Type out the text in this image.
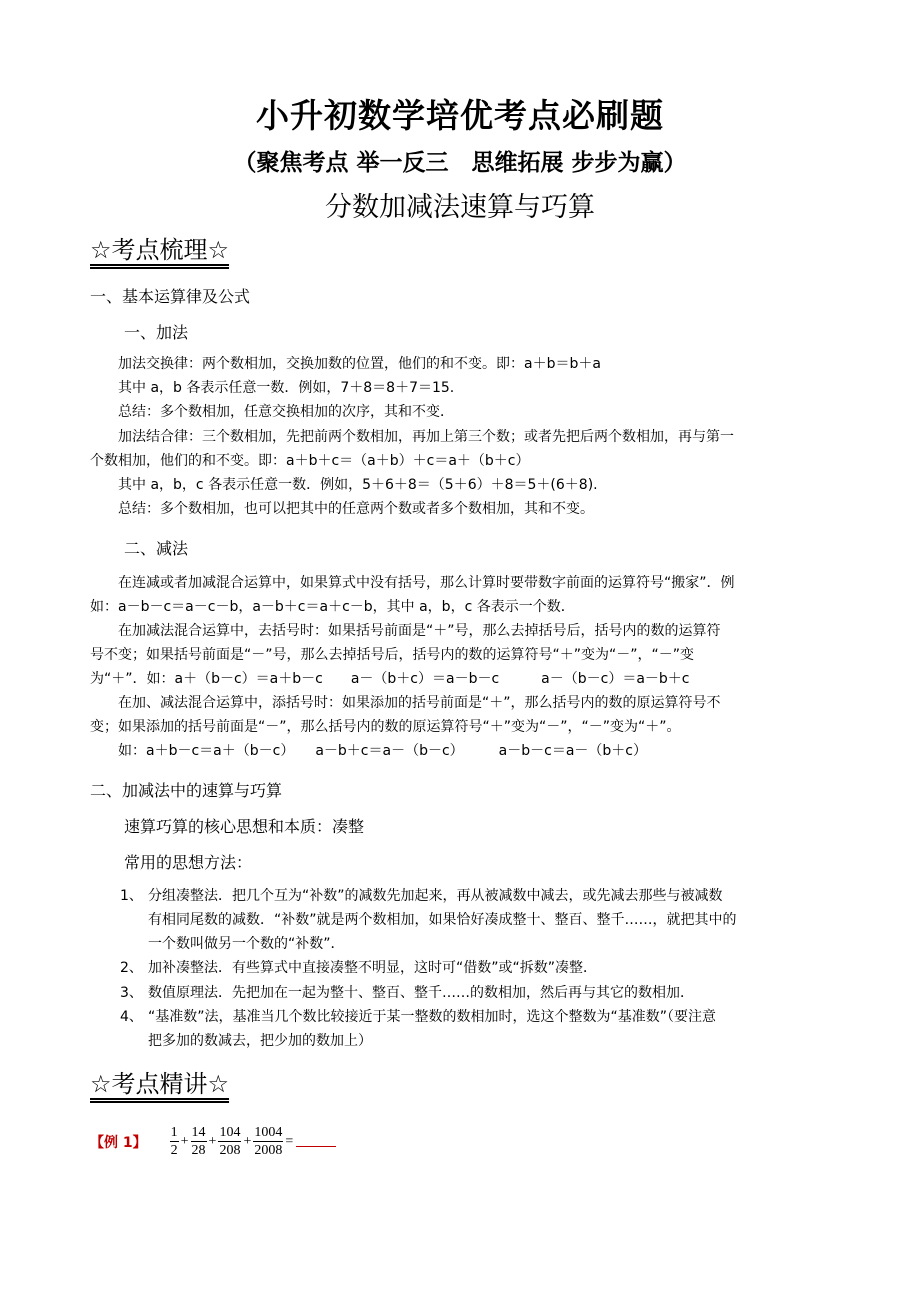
小升初数学培优考点必刷题
（聚焦考点 举一反三　思维拓展 步步为赢）
分数加减法速算与巧算
☆考点梳理☆
一、基本运算律及公式
一、加法
加法交换律：两个数相加，交换加数的位置，他们的和不变。即：a＋b＝b＋a
其中 a，b 各表示任意一数．例如，7＋8＝8＋7＝15.
总结：多个数相加，任意交换相加的次序，其和不变．
加法结合律：三个数相加，先把前两个数相加，再加上第三个数；或者先把后两个数相加，再与第一
个数相加，他们的和不变。即：a＋b＋c＝（a＋b）＋c＝a＋（b＋c）
其中 a，b，c 各表示任意一数．例如，5＋6＋8＝（5＋6）＋8＝5＋(6＋8).
总结：多个数相加，也可以把其中的任意两个数或者多个数相加，其和不变。
二、减法
在连减或者加减混合运算中，如果算式中没有括号，那么计算时要带数字前面的运算符号“搬家”．例
如：a－b－c＝a－c－b，a－b＋c＝a＋c－b，其中 a，b，c 各表示一个数．
在加减法混合运算中，去括号时：如果括号前面是“＋”号，那么去掉括号后，括号内的数的运算符
号不变；如果括号前面是“－”号，那么去掉括号后，括号内的数的运算符号“＋”变为“－”，“－”变
为“＋”．如：a＋（b－c）＝a＋b－c　　a－（b＋c）＝a－b－c　　　a－（b－c）＝a－b＋c
在加、减法混合运算中，添括号时：如果添加的括号前面是“＋”，那么括号内的数的原运算符号不
变；如果添加的括号前面是“－”，那么括号内的数的原运算符号“＋”变为“－”，“－”变为“＋”。
如：a＋b－c＝a＋（b－c）　　a－b＋c＝a－（b－c）　　　a－b－c＝a－（b＋c）
二、加减法中的速算与巧算
速算巧算的核心思想和本质：凑整
常用的思想方法：
1、 分组凑整法．把几个互为“补数”的减数先加起来，再从被减数中减去，或先减去那些与被减数
有相同尾数的减数．“补数”就是两个数相加，如果恰好凑成整十、整百、整千……，就把其中的
一个数叫做另一个数的“补数”．
2、 加补凑整法．有些算式中直接凑整不明显，这时可“借数”或“拆数”凑整．
3、 数值原理法．先把加在一起为整十、整百、整千……的数相加，然后再与其它的数相加．
4、 “基准数”法，基准当几个数比较接近于某一整数的数相加时，选这个整数为“基准数”（要注意
把多加的数减去，把少加的数加上）
☆考点精讲☆
【例 1】 $\frac{1}{2} + \frac{14}{28} + \frac{104}{208} + \frac{1004}{2008}$ =
